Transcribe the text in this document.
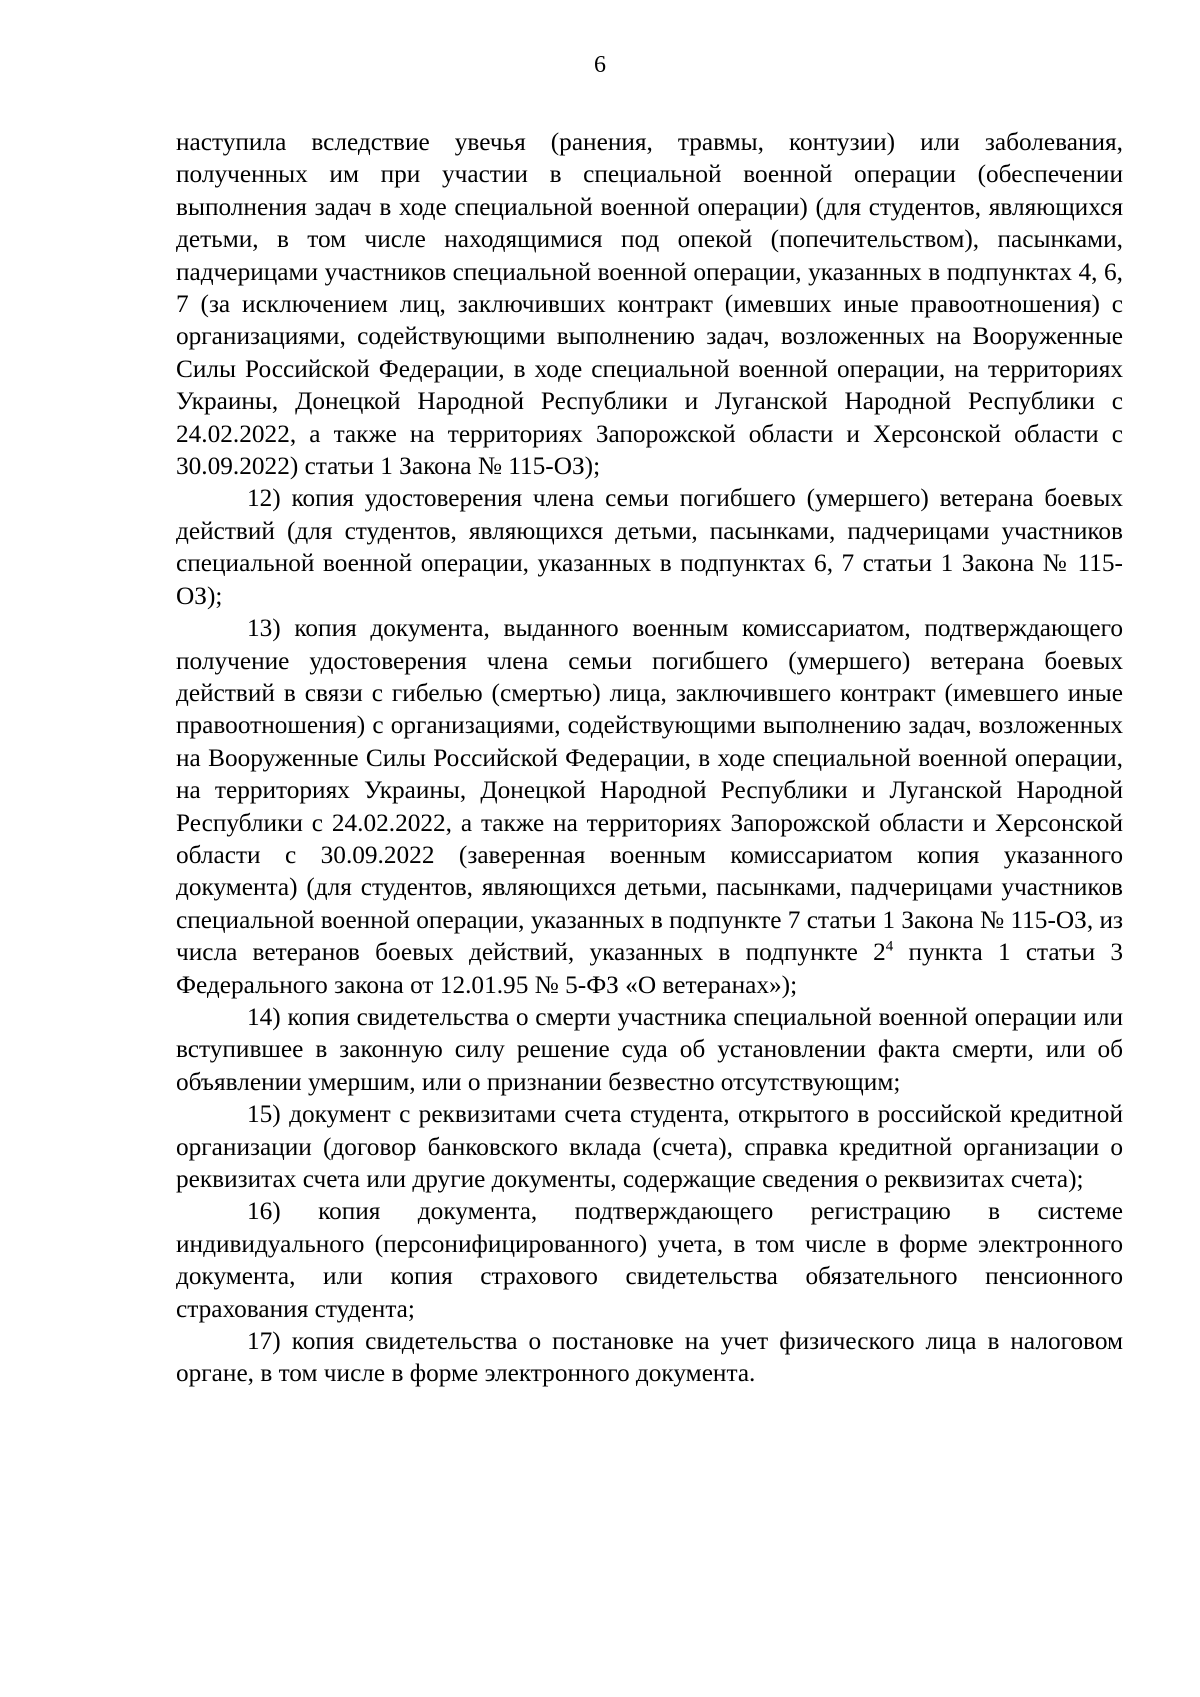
6

наступила вследствие увечья (ранения, травмы, контузии) или заболевания, полученных им при участии в специальной военной операции (обеспечении выполнения задач в ходе специальной военной операции) (для студентов, являющихся детьми, в том числе находящимися под опекой (попечительством), пасынками, падчерицами участников специальной военной операции, указанных в подпунктах 4, 6, 7 (за исключением лиц, заключивших контракт (имевших иные правоотношения) с организациями, содействующими выполнению задач, возложенных на Вооруженные Силы Российской Федерации, в ходе специальной военной операции, на территориях Украины, Донецкой Народной Республики и Луганской Народной Республики с 24.02.2022, а также на территориях Запорожской области и Херсонской области с 30.09.2022) статьи 1 Закона № 115-ОЗ);

12) копия удостоверения члена семьи погибшего (умершего) ветерана боевых действий (для студентов, являющихся детьми, пасынками, падчерицами участников специальной военной операции, указанных в подпунктах 6, 7 статьи 1 Закона № 115-ОЗ);

13) копия документа, выданного военным комиссариатом, подтверждающего получение удостоверения члена семьи погибшего (умершего) ветерана боевых действий в связи с гибелью (смертью) лица, заключившего контракт (имевшего иные правоотношения) с организациями, содействующими выполнению задач, возложенных на Вооруженные Силы Российской Федерации, в ходе специальной военной операции, на территориях Украины, Донецкой Народной Республики и Луганской Народной Республики с 24.02.2022, а также на территориях Запорожской области и Херсонской области с 30.09.2022 (заверенная военным комиссариатом копия указанного документа) (для студентов, являющихся детьми, пасынками, падчерицами участников специальной военной операции, указанных в подпункте 7 статьи 1 Закона № 115-ОЗ, из числа ветеранов боевых действий, указанных в подпункте $2^4$ пункта 1 статьи 3 Федерального закона от 12.01.95 № 5-ФЗ «О ветеранах»);

14) копия свидетельства о смерти участника специальной военной операции или вступившее в законную силу решение суда об установлении факта смерти, или об объявлении умершим, или о признании безвестно отсутствующим;

15) документ с реквизитами счета студента, открытого в российской кредитной организации (договор банковского вклада (счета), справка кредитной организации о реквизитах счета или другие документы, содержащие сведения о реквизитах счета);

16) копия документа, подтверждающего регистрацию в системе индивидуального (персонифицированного) учета, в том числе в форме электронного документа, или копия страхового свидетельства обязательного пенсионного страхования студента;

17) копия свидетельства о постановке на учет физического лица в налоговом органе, в том числе в форме электронного документа.
